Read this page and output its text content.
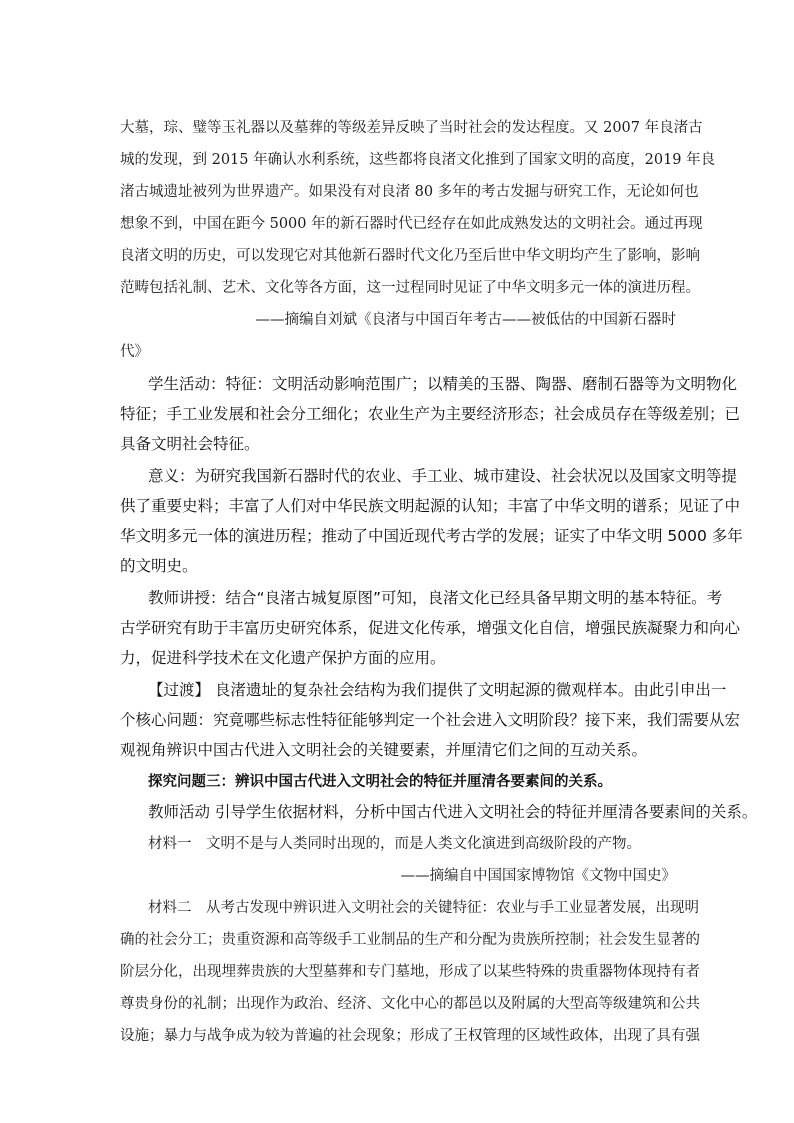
大墓，琮、璧等玉礼器以及墓葬的等级差异反映了当时社会的发达程度。又 2007 年良渚古
城的发现，到 2015 年确认水利系统，这些都将良渚文化推到了国家文明的高度，2019 年良
渚古城遗址被列为世界遗产。如果没有对良渚 80 多年的考古发掘与研究工作，无论如何也
想象不到，中国在距今 5000 年的新石器时代已经存在如此成熟发达的文明社会。通过再现
良渚文明的历史，可以发现它对其他新石器时代文化乃至后世中华文明均产生了影响，影响
范畴包括礼制、艺术、文化等各方面，这一过程同时见证了中华文明多元一体的演进历程。
——摘编自刘斌《良渚与中国百年考古——被低估的中国新石器时
代》
学生活动：特征：文明活动影响范围广；以精美的玉器、陶器、磨制石器等为文明物化
特征；手工业发展和社会分工细化；农业生产为主要经济形态；社会成员存在等级差别；已
具备文明社会特征。
意义：为研究我国新石器时代的农业、手工业、城市建设、社会状况以及国家文明等提
供了重要史料；丰富了人们对中华民族文明起源的认知；丰富了中华文明的谱系；见证了中
华文明多元一体的演进历程；推动了中国近现代考古学的发展；证实了中华文明 5000 多年
的文明史。
教师讲授：结合“良渚古城复原图”可知，良渚文化已经具备早期文明的基本特征。考
古学研究有助于丰富历史研究体系，促进文化传承，增强文化自信，增强民族凝聚力和向心
力，促进科学技术在文化遗产保护方面的应用。
【过渡】 良渚遗址的复杂社会结构为我们提供了文明起源的微观样本。由此引申出一
个核心问题：究竟哪些标志性特征能够判定一个社会进入文明阶段？接下来，我们需要从宏
观视角辨识中国古代进入文明社会的关键要素，并厘清它们之间的互动关系。
探究问题三：辨识中国古代进入文明社会的特征并厘清各要素间的关系。
教师活动 引导学生依据材料，分析中国古代进入文明社会的特征并厘清各要素间的关系。
材料一　文明不是与人类同时出现的，而是人类文化演进到高级阶段的产物。
——摘编自中国国家博物馆《文物中国史》
材料二　从考古发现中辨识进入文明社会的关键特征：农业与手工业显著发展，出现明
确的社会分工；贵重资源和高等级手工业制品的生产和分配为贵族所控制；社会发生显著的
阶层分化，出现埋葬贵族的大型墓葬和专门墓地，形成了以某些特殊的贵重器物体现持有者
尊贵身份的礼制；出现作为政治、经济、文化中心的都邑以及附属的大型高等级建筑和公共
设施；暴力与战争成为较为普遍的社会现象；形成了王权管理的区域性政体，出现了具有强
